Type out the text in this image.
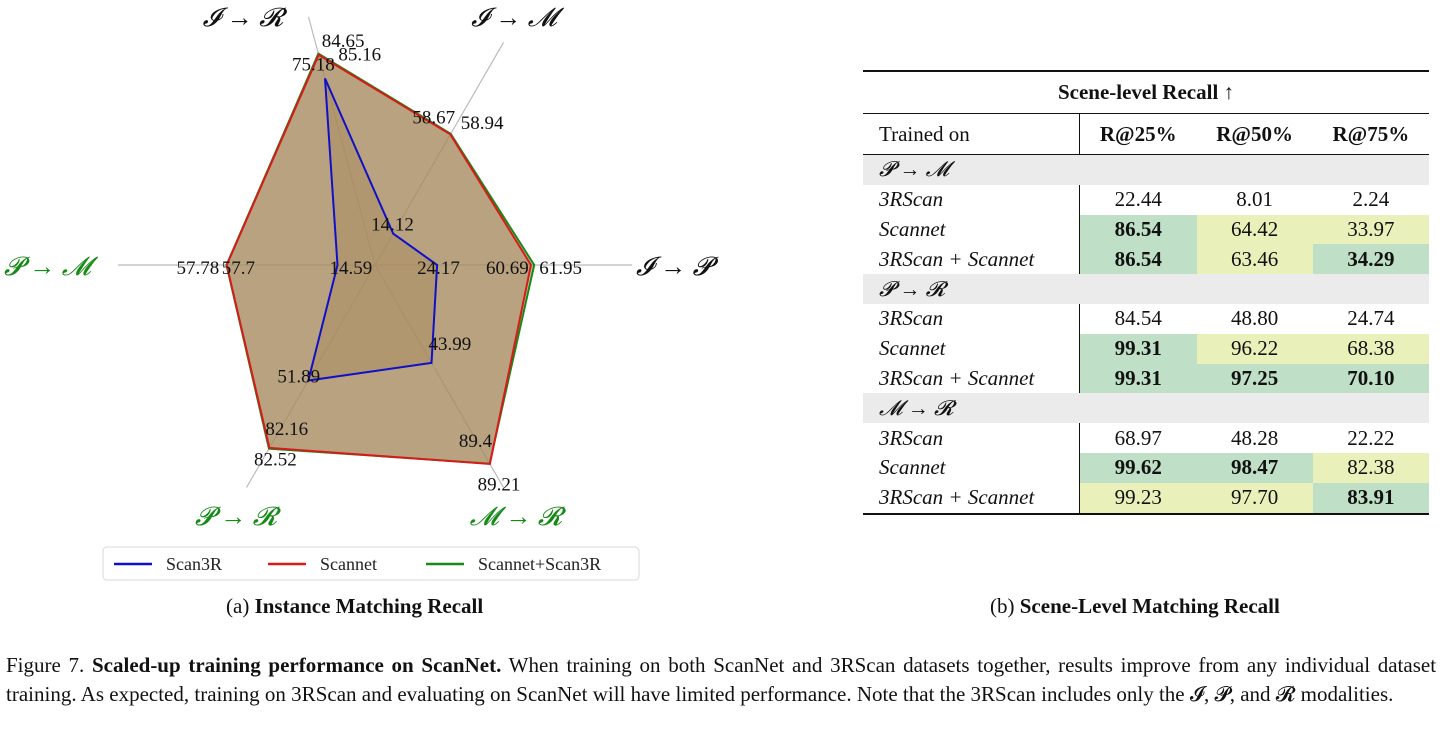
75.18
84.65
85.16
14.12
58.67 58.94
24.17 60.69 61.95
43.99
89.4
89.21
51.89
82.16
82.52
14.59
57.7
57.78
𝓘 → 𝓡	𝓘 → 𝓜
𝓘 → 𝓟
𝓜 → 𝓡
𝓟 → 𝓡
𝓟 → 𝓜
Scan3R	Scannet	Scannet+Scan3R
(a) Instance Matching Recall
Scene-level Recall ↑			
Trained on	R@25%	R@50%	R@75%
𝓟 → 𝓜			
3RScan	22.44	8.01	2.24
Scannet	86.54	64.42	33.97
3RScan + Scannet	86.54	63.46	34.29
𝓟 → 𝓡			
3RScan	84.54	48.80	24.74
Scannet	99.31	96.22	68.38
3RScan + Scannet	99.31	97.25	70.10
𝓜 → 𝓡			
3RScan	68.97	48.28	22.22
Scannet	99.62	98.47	82.38
3RScan + Scannet	99.23	97.70	83.91
(b) Scene-Level Matching Recall
Figure 7. Scaled-up training performance on ScanNet. When training on both ScanNet and 3RScan datasets together, results improve from any individual dataset training. As expected, training on 3RScan and evaluating on ScanNet will have limited performance. Note that the 3RScan includes only the 𝓘, 𝓟, and 𝓡 modalities.
